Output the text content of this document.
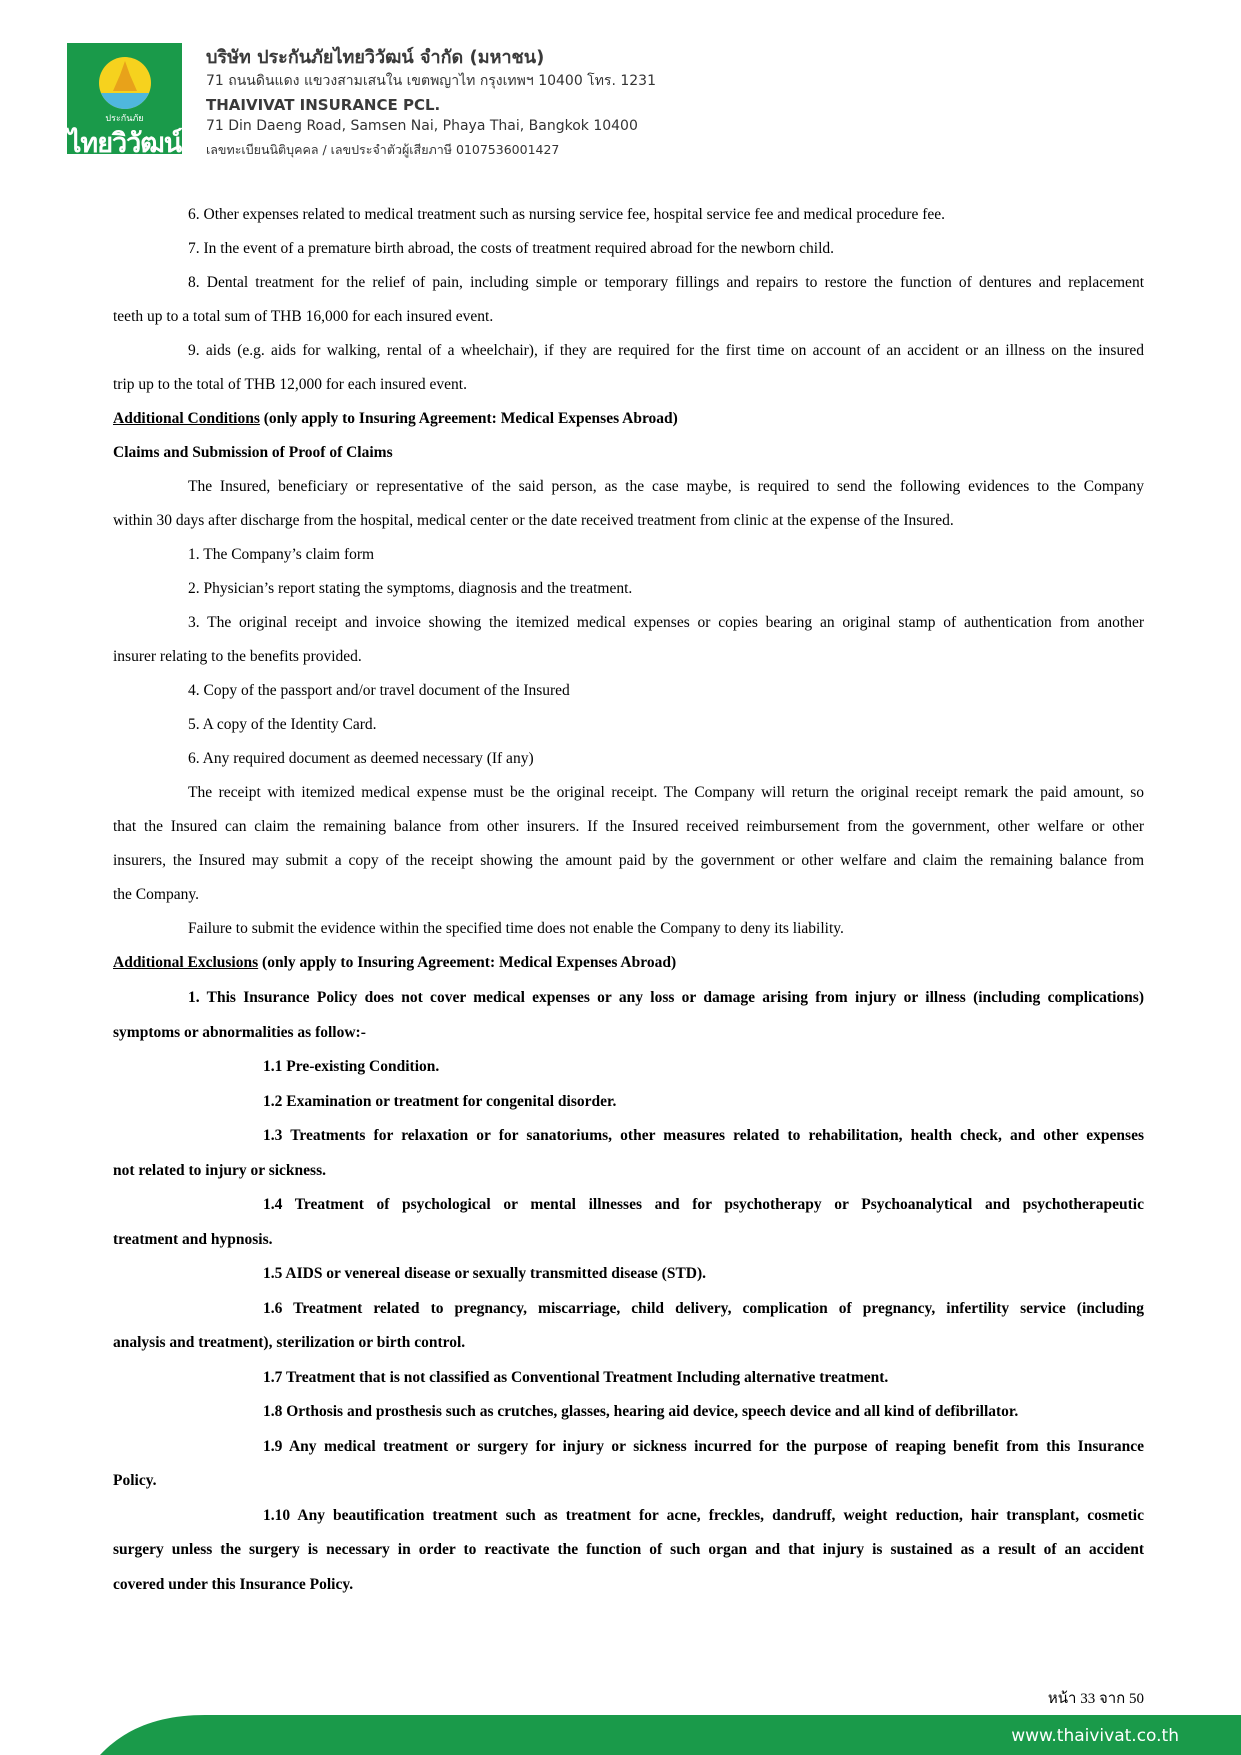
ประกันภัย
ไทยวิวัฒน์
บริษัท ประกันภัยไทยวิวัฒน์ จำกัด (มหาชน)
71 ถนนดินแดง แขวงสามเสนใน เขตพญาไท กรุงเทพฯ 10400 โทร. 1231
THAIVIVAT INSURANCE PCL.
71 Din Daeng Road, Samsen Nai, Phaya Thai, Bangkok 10400
เลขทะเบียนนิติบุคคล / เลขประจำตัวผู้เสียภาษี 0107536001427
6. Other expenses related to medical treatment such as nursing service fee, hospital service fee and medical procedure fee.
7. In the event of a premature birth abroad, the costs of treatment required abroad for the newborn child.
8. Dental treatment for the relief of pain, including simple or temporary fillings and repairs to restore the function of dentures and replacement
teeth up to a total sum of THB 16,000 for each insured event.
9. aids (e.g. aids for walking, rental of a wheelchair), if they are required for the first time on account of an accident or an illness on the insured
trip up to the total of THB 12,000 for each insured event.
Additional Conditions (only apply to Insuring Agreement: Medical Expenses Abroad)
Claims and Submission of Proof of Claims
The Insured, beneficiary or representative of the said person, as the case maybe, is required to send the following evidences to the Company
within 30 days after discharge from the hospital, medical center or the date received treatment from clinic at the expense of the Insured.
1. The Company’s claim form
2. Physician’s report stating the symptoms, diagnosis and the treatment.
3. The original receipt and invoice showing the itemized medical expenses or copies bearing an original stamp of authentication from another
insurer relating to the benefits provided.
4. Copy of the passport and/or travel document of the Insured
5. A copy of the Identity Card.
6. Any required document as deemed necessary (If any)
The receipt with itemized medical expense must be the original receipt. The Company will return the original receipt remark the paid amount, so
that the Insured can claim the remaining balance from other insurers. If the Insured received reimbursement from the government, other welfare or other
insurers, the Insured may submit a copy of the receipt showing the amount paid by the government or other welfare and claim the remaining balance from
the Company.
Failure to submit the evidence within the specified time does not enable the Company to deny its liability.
Additional Exclusions (only apply to Insuring Agreement: Medical Expenses Abroad)
1. This Insurance Policy does not cover medical expenses or any loss or damage arising from injury or illness (including complications)
symptoms or abnormalities as follow:-
1.1 Pre-existing Condition.
1.2 Examination or treatment for congenital disorder.
1.3 Treatments for relaxation or for sanatoriums, other measures related to rehabilitation, health check, and other expenses
not related to injury or sickness.
1.4 Treatment of psychological or mental illnesses and for psychotherapy or Psychoanalytical and psychotherapeutic
treatment and hypnosis.
1.5 AIDS or venereal disease or sexually transmitted disease (STD).
1.6 Treatment related to pregnancy, miscarriage, child delivery, complication of pregnancy, infertility service (including
analysis and treatment), sterilization or birth control.
1.7 Treatment that is not classified as Conventional Treatment Including alternative treatment.
1.8 Orthosis and prosthesis such as crutches, glasses, hearing aid device, speech device and all kind of defibrillator.
1.9 Any medical treatment or surgery for injury or sickness incurred for the purpose of reaping benefit from this Insurance
Policy.
1.10 Any beautification treatment such as treatment for acne, freckles, dandruff, weight reduction, hair transplant, cosmetic
surgery unless the surgery is necessary in order to reactivate the function of such organ and that injury is sustained as a result of an accident
covered under this Insurance Policy.
หน้า 33 จาก 50
www.thaivivat.co.th
